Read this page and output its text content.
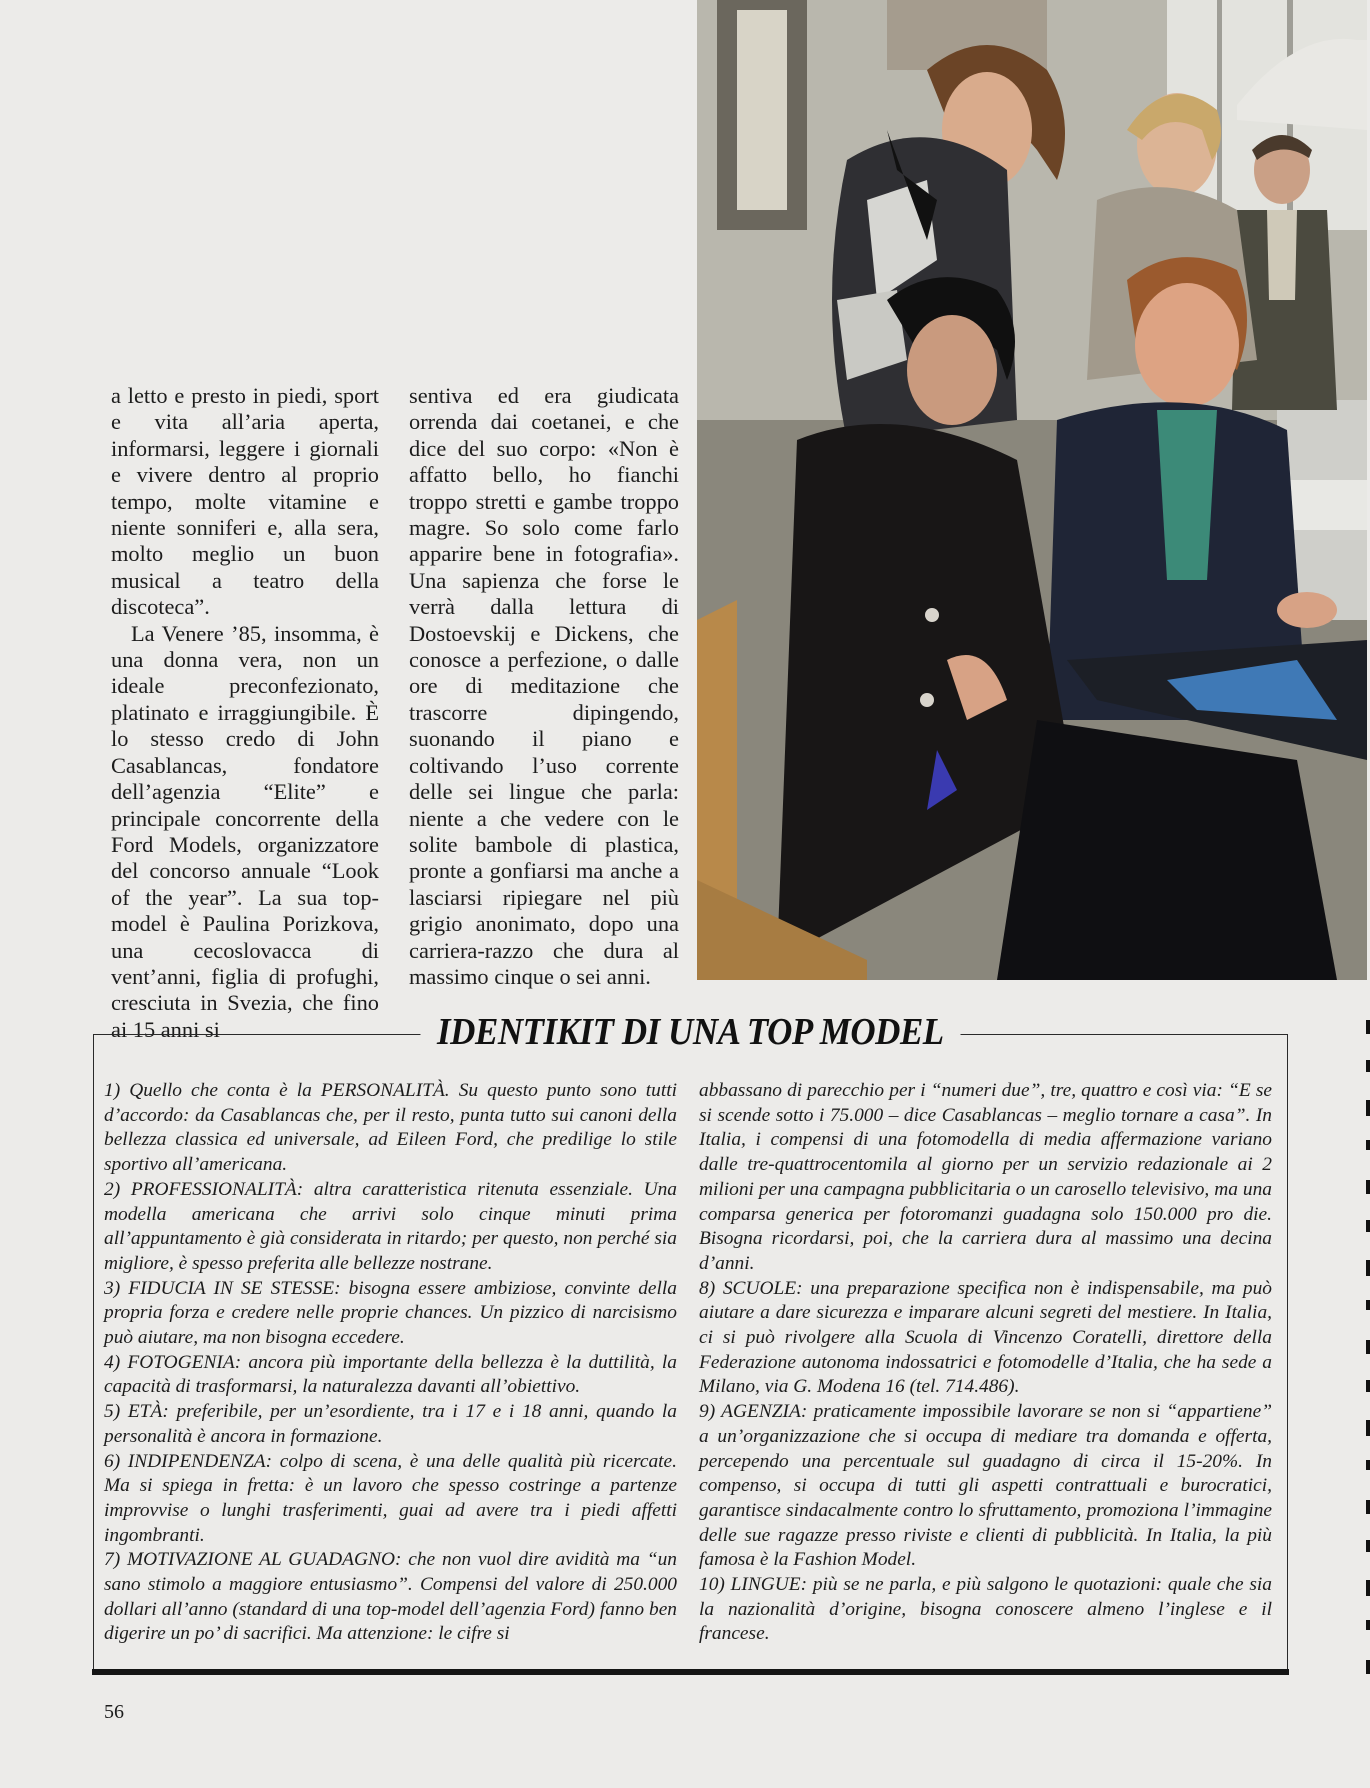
a letto e presto in piedi, sport e vita all’aria aperta, informarsi, leggere i giornali e vivere dentro al proprio tempo, molte vitamine e niente sonniferi e, alla sera, molto meglio un buon musical a teatro della discoteca”.

La Venere ’85, insomma, è una donna vera, non un ideale preconfezionato, platinato e irraggiungibile. È lo stesso credo di John Casablancas, fondatore dell’agenzia “Elite” e principale concorrente della Ford Models, organizzatore del concorso annuale “Look of the year”. La sua top-model è Paulina Porizkova, una cecoslovacca di vent’anni, figlia di profughi, cresciuta in Svezia, che fino ai 15 anni si

sentiva ed era giudicata orrenda dai coetanei, e che dice del suo corpo: «Non è affatto bello, ho fianchi troppo stretti e gambe troppo magre. So solo come farlo apparire bene in fotografia». Una sapienza che forse le verrà dalla lettura di Dostoevskij e Dickens, che conosce a perfezione, o dalle ore di meditazione che trascorre dipingendo, suonando il piano e coltivando l’uso corrente delle sei lingue che parla: niente a che vedere con le solite bambole di plastica, pronte a gonfiarsi ma anche a lasciarsi ripiegare nel più grigio anonimato, dopo una carriera-razzo che dura al massimo cinque o sei anni.

IDENTIKIT DI UNA TOP MODEL

1) Quello che conta è la PERSONALITÀ. Su questo punto sono tutti d’accordo: da Casablancas che, per il resto, punta tutto sui canoni della bellezza classica ed universale, ad Eileen Ford, che predilige lo stile sportivo all’americana.

2) PROFESSIONALITÀ: altra caratteristica ritenuta essenziale. Una modella americana che arrivi solo cinque minuti prima all’appuntamento è già considerata in ritardo; per questo, non perché sia migliore, è spesso preferita alle bellezze nostrane.

3) FIDUCIA IN SE STESSE: bisogna essere ambiziose, convinte della propria forza e credere nelle proprie chances. Un pizzico di narcisismo può aiutare, ma non bisogna eccedere.

4) FOTOGENIA: ancora più importante della bellezza è la duttilità, la capacità di trasformarsi, la naturalezza davanti all’obiettivo.

5) ETÀ: preferibile, per un’esordiente, tra i 17 e i 18 anni, quando la personalità è ancora in formazione.

6) INDIPENDENZA: colpo di scena, è una delle qualità più ricercate. Ma si spiega in fretta: è un lavoro che spesso costringe a partenze improvvise o lunghi trasferimenti, guai ad avere tra i piedi affetti ingombranti.

7) MOTIVAZIONE AL GUADAGNO: che non vuol dire avidità ma “un sano stimolo a maggiore entusiasmo”. Compensi del valore di 250.000 dollari all’anno (standard di una top-model dell’agenzia Ford) fanno ben digerire un po’ di sacrifici. Ma attenzione: le cifre si

abbassano di parecchio per i “numeri due”, tre, quattro e così via: “E se si scende sotto i 75.000 – dice Casablancas – meglio tornare a casa”. In Italia, i compensi di una fotomodella di media affermazione variano dalle tre-quattrocentomila al giorno per un servizio redazionale ai 2 milioni per una campagna pubblicitaria o un carosello televisivo, ma una comparsa generica per fotoromanzi guadagna solo 150.000 pro die. Bisogna ricordarsi, poi, che la carriera dura al massimo una decina d’anni.

8) SCUOLE: una preparazione specifica non è indispensabile, ma può aiutare a dare sicurezza e imparare alcuni segreti del mestiere. In Italia, ci si può rivolgere alla Scuola di Vincenzo Coratelli, direttore della Federazione autonoma indossatrici e fotomodelle d’Italia, che ha sede a Milano, via G. Modena 16 (tel. 714.486).

9) AGENZIA: praticamente impossibile lavorare se non si “appartiene” a un’organizzazione che si occupa di mediare tra domanda e offerta, percependo una percentuale sul guadagno di circa il 15-20%. In compenso, si occupa di tutti gli aspetti contrattuali e burocratici, garantisce sindacalmente contro lo sfruttamento, promoziona l’immagine delle sue ragazze presso riviste e clienti di pubblicità. In Italia, la più famosa è la Fashion Model.

10) LINGUE: più se ne parla, e più salgono le quotazioni: quale che sia la nazionalità d’origine, bisogna conoscere almeno l’inglese e il francese.

56
